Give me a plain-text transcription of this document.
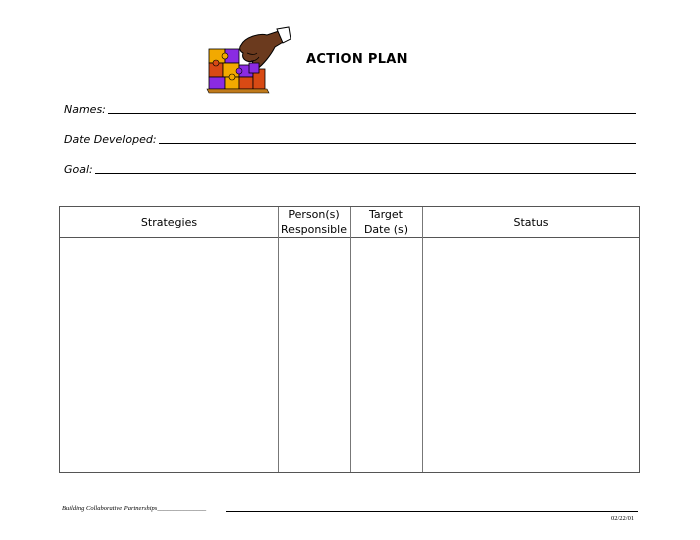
ACTION PLAN
Names:
Date Developed:
Goal:
Strategies
Person(s)
Responsible
Target
Date (s)
Status
Building Collaborative Partnerships_______________
02/22/01
